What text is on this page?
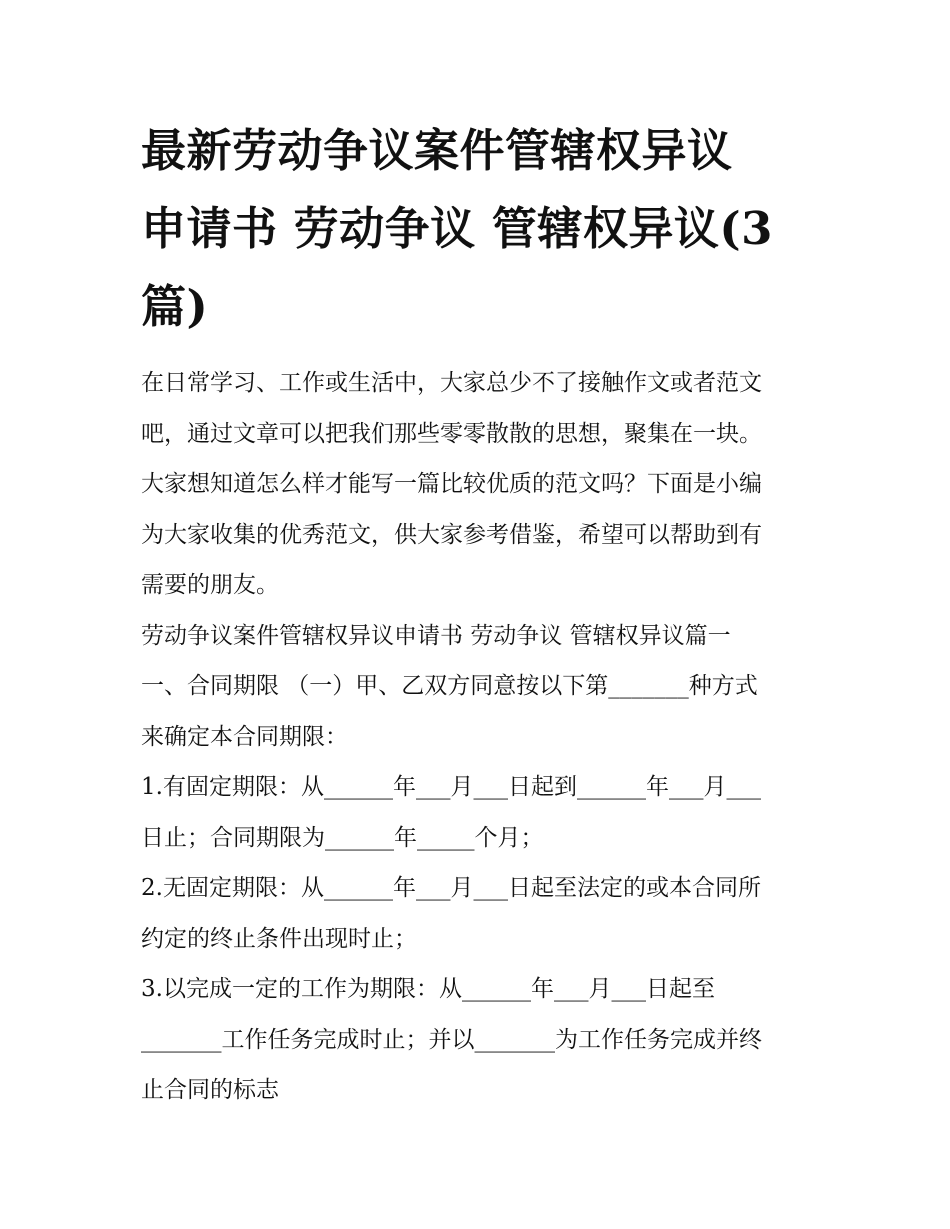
最新劳动争议案件管辖权异议
申请书 劳动争议 管辖权异议(3
篇)
在日常学习、工作或生活中，大家总少不了接触作文或者范文
吧，通过文章可以把我们那些零零散散的思想，聚集在一块。
大家想知道怎么样才能写一篇比较优质的范文吗？下面是小编
为大家收集的优秀范文，供大家参考借鉴，希望可以帮助到有
需要的朋友。
劳动争议案件管辖权异议申请书 劳动争议 管辖权异议篇一
一、合同期限 （一）甲、乙双方同意按以下第_______种方式
来确定本合同期限：
1.有固定期限：从______年___月___日起到______年___月___
日止；合同期限为______年_____个月；
2.无固定期限：从______年___月___日起至法定的或本合同所
约定的终止条件出现时止；
3.以完成一定的工作为期限：从______年___月___日起至
_______工作任务完成时止；并以_______为工作任务完成并终
止合同的标志
